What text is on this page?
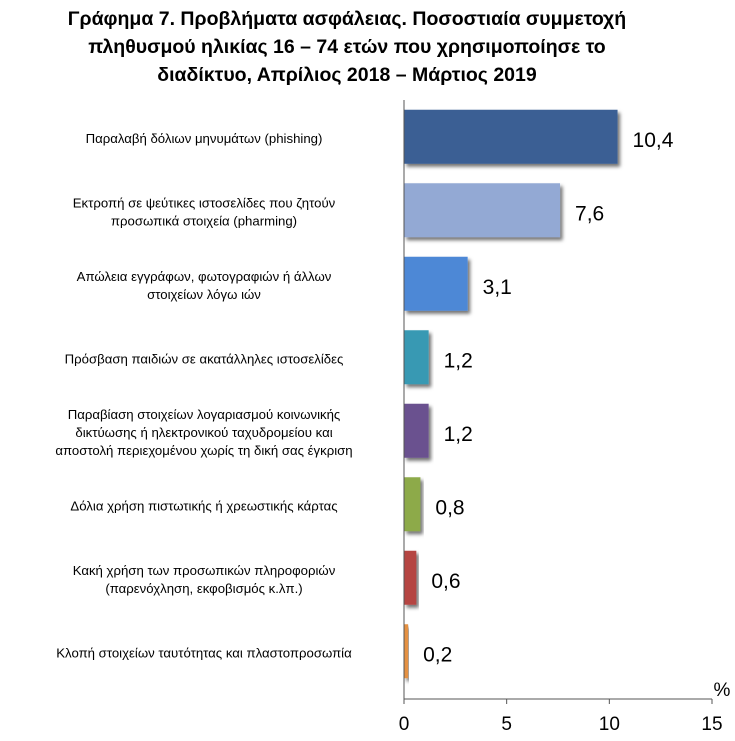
Γράφημα 7. Προβλήματα ασφάλειας. Ποσοστιαία συμμετοχή
πληθυσμού ηλικίας 16 – 74 ετών που χρησιμοποίησε το
διαδίκτυο, Απρίλιος 2018 – Μάρτιος 2019
Παραλαβή δόλιων μηνυμάτων (phishing)
Εκτροπή σε ψεύτικες ιστοσελίδες που ζητούν
προσωπικά στοιχεία (pharming)
Απώλεια εγγράφων, φωτογραφιών ή άλλων
στοιχείων λόγω ιών
Πρόσβαση παιδιών σε ακατάλληλες ιστοσελίδες
Παραβίαση στοιχείων λογαριασμού κοινωνικής
δικτύωσης ή ηλεκτρονικού ταχυδρομείου και
αποστολή περιεχομένου χωρίς τη δική σας έγκριση
Δόλια χρήση πιστωτικής ή χρεωστικής κάρτας
Κακή χρήση των προσωπικών πληροφοριών
(παρενόχληση, εκφοβισμός κ.λπ.)
Κλοπή στοιχείων ταυτότητας και πλαστοπροσωπία
10,4
7,6
3,1
1,2
1,2
0,8
0,6
0,2
0	5	10	15
%
